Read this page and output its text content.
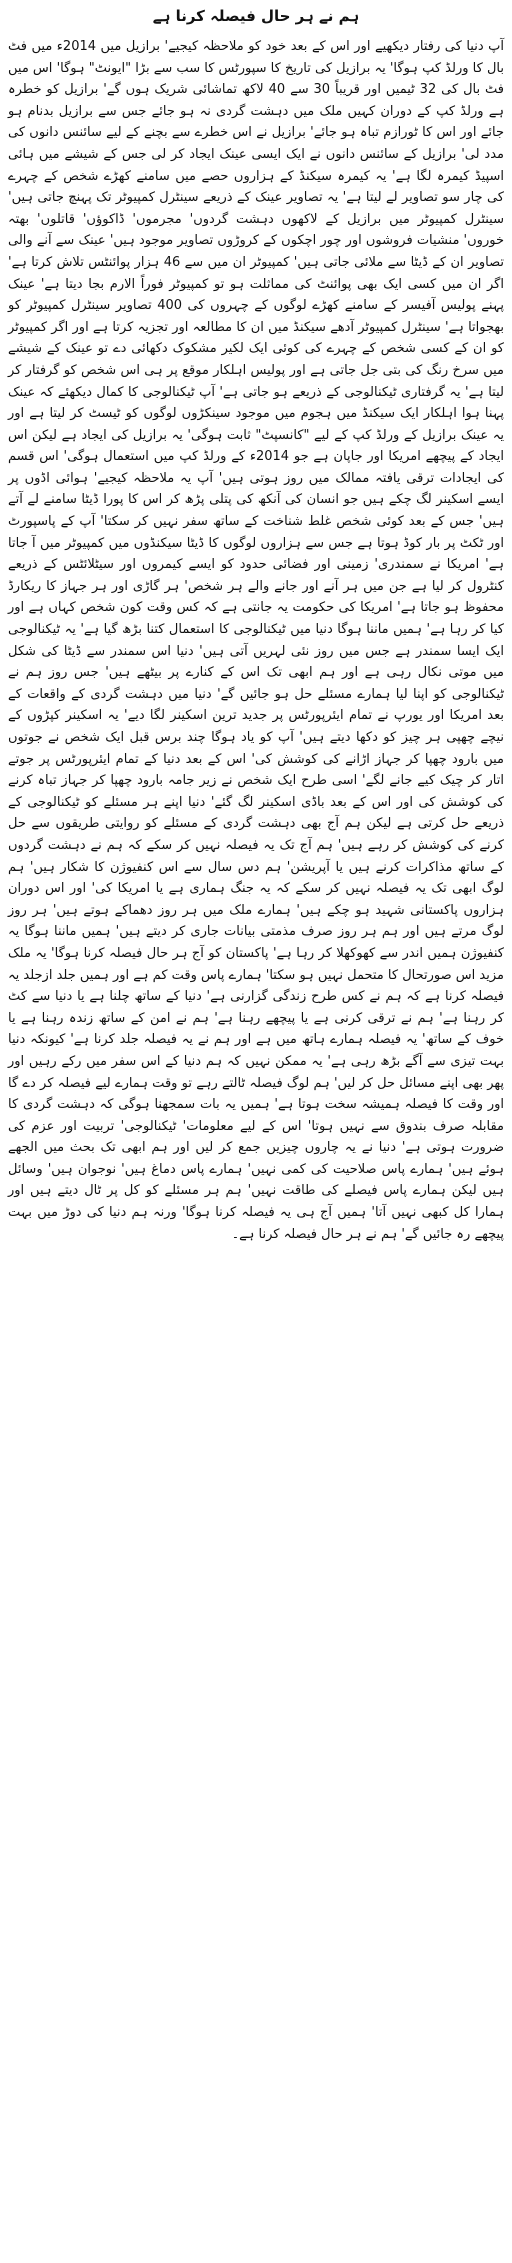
ہم نے ہر حال فیصلہ کرنا ہے

آپ دنیا کی رفتار دیکھیے اور اس کے بعد خود کو ملاحظہ کیجیے' برازیل میں 2014ء میں فٹ بال کا ورلڈ کپ ہوگا' یہ برازیل کی تاریخ کا سپورٹس کا سب سے بڑا "ایونٹ" ہوگا' اس میں فٹ بال کی 32 ٹیمیں اور قریباً 30 سے 40 لاکھ تماشائی شریک ہوں گے' برازیل کو خطرہ ہے ورلڈ کپ کے دوران کہیں ملک میں دہشت گردی نہ ہو جائے جس سے برازیل بدنام ہو جائے اور اس کا ٹورازم تباہ ہو جائے' برازیل نے اس خطرے سے بچنے کے لیے سائنس دانوں کی مدد لی' برازیل کے سائنس دانوں نے ایک ایسی عینک ایجاد کر لی جس کے شیشے میں ہائی اسپیڈ کیمرہ لگا ہے' یہ کیمرہ سیکنڈ کے ہزاروں حصے میں سامنے کھڑے شخص کے چہرے کی چار سو تصاویر لے لیتا ہے' یہ تصاویر عینک کے ذریعے سینٹرل کمپیوٹر تک پہنچ جاتی ہیں' سینٹرل کمپیوٹر میں برازیل کے لاکھوں دہشت گردوں' مجرموں' ڈاکوؤں' قاتلوں' بھتہ خوروں' منشیات فروشوں اور چور اچکوں کے کروڑوں تصاویر موجود ہیں' عینک سے آنے والی تصاویر ان کے ڈیٹا سے ملائی جاتی ہیں' کمپیوٹر ان میں سے 46 ہزار پوائنٹس تلاش کرتا ہے' اگر ان میں کسی ایک بھی پوائنٹ کی مماثلت ہو تو کمپیوٹر فوراً الارم بجا دیتا ہے' عینک پہنے پولیس آفیسر کے سامنے کھڑے لوگوں کے چہروں کی 400 تصاویر سینٹرل کمپیوٹر کو بھجواتا ہے' سینٹرل کمپیوٹر آدھے سیکنڈ میں ان کا مطالعہ اور تجزیہ کرتا ہے اور اگر کمپیوٹر کو ان کے کسی شخص کے چہرے کی کوئی ایک لکیر مشکوک دکھائی دے تو عینک کے شیشے میں سرخ رنگ کی بتی جل جاتی ہے اور پولیس اہلکار موقع پر ہی اس شخص کو گرفتار کر لیتا ہے' یہ گرفتاری ٹیکنالوجی کے ذریعے ہو جاتی ہے' آپ ٹیکنالوجی کا کمال دیکھئے کہ عینک پہنا ہوا اہلکار ایک سیکنڈ میں ہجوم میں موجود سینکڑوں لوگوں کو ٹیسٹ کر لیتا ہے اور یہ عینک برازیل کے ورلڈ کپ کے لیے "کانسپٹ" ثابت ہوگی' یہ برازیل کی ایجاد ہے لیکن اس ایجاد کے پیچھے امریکا اور جاپان ہے جو 2014ء کے ورلڈ کپ میں استعمال ہوگی' اس قسم کی ایجادات ترقی یافتہ ممالک میں روز ہوتی ہیں' آپ یہ ملاحظہ کیجیے' ہوائی اڈوں پر ایسے اسکینر لگ چکے ہیں جو انسان کی آنکھ کی پتلی پڑھ کر اس کا پورا ڈیٹا سامنے لے آتے ہیں' جس کے بعد کوئی شخص غلط شناخت کے ساتھ سفر نہیں کر سکتا' آپ کے پاسپورٹ اور ٹکٹ پر بار کوڈ ہوتا ہے جس سے ہزاروں لوگوں کا ڈیٹا سیکنڈوں میں کمپیوٹر میں آ جاتا ہے' امریکا نے سمندری' زمینی اور فضائی حدود کو ایسے کیمروں اور سیٹلائٹس کے ذریعے کنٹرول کر لیا ہے جن میں ہر آنے اور جانے والے ہر شخص' ہر گاڑی اور ہر جہاز کا ریکارڈ محفوظ ہو جاتا ہے' امریکا کی حکومت یہ جانتی ہے کہ کس وقت کون شخص کہاں ہے اور کیا کر رہا ہے' ہمیں ماننا ہوگا دنیا میں ٹیکنالوجی کا استعمال کتنا بڑھ گیا ہے' یہ ٹیکنالوجی ایک ایسا سمندر ہے جس میں روز نئی لہریں آتی ہیں' دنیا اس سمندر سے ڈیٹا کی شکل میں موتی نکال رہی ہے اور ہم ابھی تک اس کے کنارے پر بیٹھے ہیں' جس روز ہم نے ٹیکنالوجی کو اپنا لیا ہمارے مسئلے حل ہو جائیں گے' دنیا میں دہشت گردی کے واقعات کے بعد امریکا اور یورپ نے تمام ایئرپورٹس پر جدید ترین اسکینر لگا دیے' یہ اسکینر کپڑوں کے نیچے چھپی ہر چیز کو دکھا دیتے ہیں' آپ کو یاد ہوگا چند برس قبل ایک شخص نے جوتوں میں بارود چھپا کر جہاز اڑانے کی کوشش کی' اس کے بعد دنیا کے تمام ایئرپورٹس پر جوتے اتار کر چیک کیے جانے لگے' اسی طرح ایک شخص نے زیر جامہ بارود چھپا کر جہاز تباہ کرنے کی کوشش کی اور اس کے بعد باڈی اسکینر لگ گئے' دنیا اپنے ہر مسئلے کو ٹیکنالوجی کے ذریعے حل کرتی ہے لیکن ہم آج بھی دہشت گردی کے مسئلے کو روایتی طریقوں سے حل کرنے کی کوشش کر رہے ہیں' ہم آج تک یہ فیصلہ نہیں کر سکے کہ ہم نے دہشت گردوں کے ساتھ مذاکرات کرنے ہیں یا آپریشن' ہم دس سال سے اس کنفیوژن کا شکار ہیں' ہم لوگ ابھی تک یہ فیصلہ نہیں کر سکے کہ یہ جنگ ہماری ہے یا امریکا کی' اور اس دوران ہزاروں پاکستانی شہید ہو چکے ہیں' ہمارے ملک میں ہر روز دھماکے ہوتے ہیں' ہر روز لوگ مرتے ہیں اور ہم ہر روز صرف مذمتی بیانات جاری کر دیتے ہیں' ہمیں ماننا ہوگا یہ کنفیوژن ہمیں اندر سے کھوکھلا کر رہا ہے' پاکستان کو آج ہر حال فیصلہ کرنا ہوگا' یہ ملک مزید اس صورتحال کا متحمل نہیں ہو سکتا' ہمارے پاس وقت کم ہے اور ہمیں جلد ازجلد یہ فیصلہ کرنا ہے کہ ہم نے کس طرح زندگی گزارنی ہے' دنیا کے ساتھ چلنا ہے یا دنیا سے کٹ کر رہنا ہے' ہم نے ترقی کرنی ہے یا پیچھے رہنا ہے' ہم نے امن کے ساتھ زندہ رہنا ہے یا خوف کے ساتھ' یہ فیصلہ ہمارے ہاتھ میں ہے اور ہم نے یہ فیصلہ جلد کرنا ہے' کیونکہ دنیا بہت تیزی سے آگے بڑھ رہی ہے' یہ ممکن نہیں کہ ہم دنیا کے اس سفر میں رکے رہیں اور پھر بھی اپنے مسائل حل کر لیں' ہم لوگ فیصلہ ٹالتے رہے تو وقت ہمارے لیے فیصلہ کر دے گا اور وقت کا فیصلہ ہمیشہ سخت ہوتا ہے' ہمیں یہ بات سمجھنا ہوگی کہ دہشت گردی کا مقابلہ صرف بندوق سے نہیں ہوتا' اس کے لیے معلومات' ٹیکنالوجی' تربیت اور عزم کی ضرورت ہوتی ہے' دنیا نے یہ چاروں چیزیں جمع کر لیں اور ہم ابھی تک بحث میں الجھے ہوئے ہیں' ہمارے پاس صلاحیت کی کمی نہیں' ہمارے پاس دماغ ہیں' نوجوان ہیں' وسائل ہیں لیکن ہمارے پاس فیصلے کی طاقت نہیں' ہم ہر مسئلے کو کل پر ٹال دیتے ہیں اور ہمارا کل کبھی نہیں آتا' ہمیں آج ہی یہ فیصلہ کرنا ہوگا' ورنہ ہم دنیا کی دوڑ میں بہت پیچھے رہ جائیں گے' ہم نے ہر حال فیصلہ کرنا ہے۔
